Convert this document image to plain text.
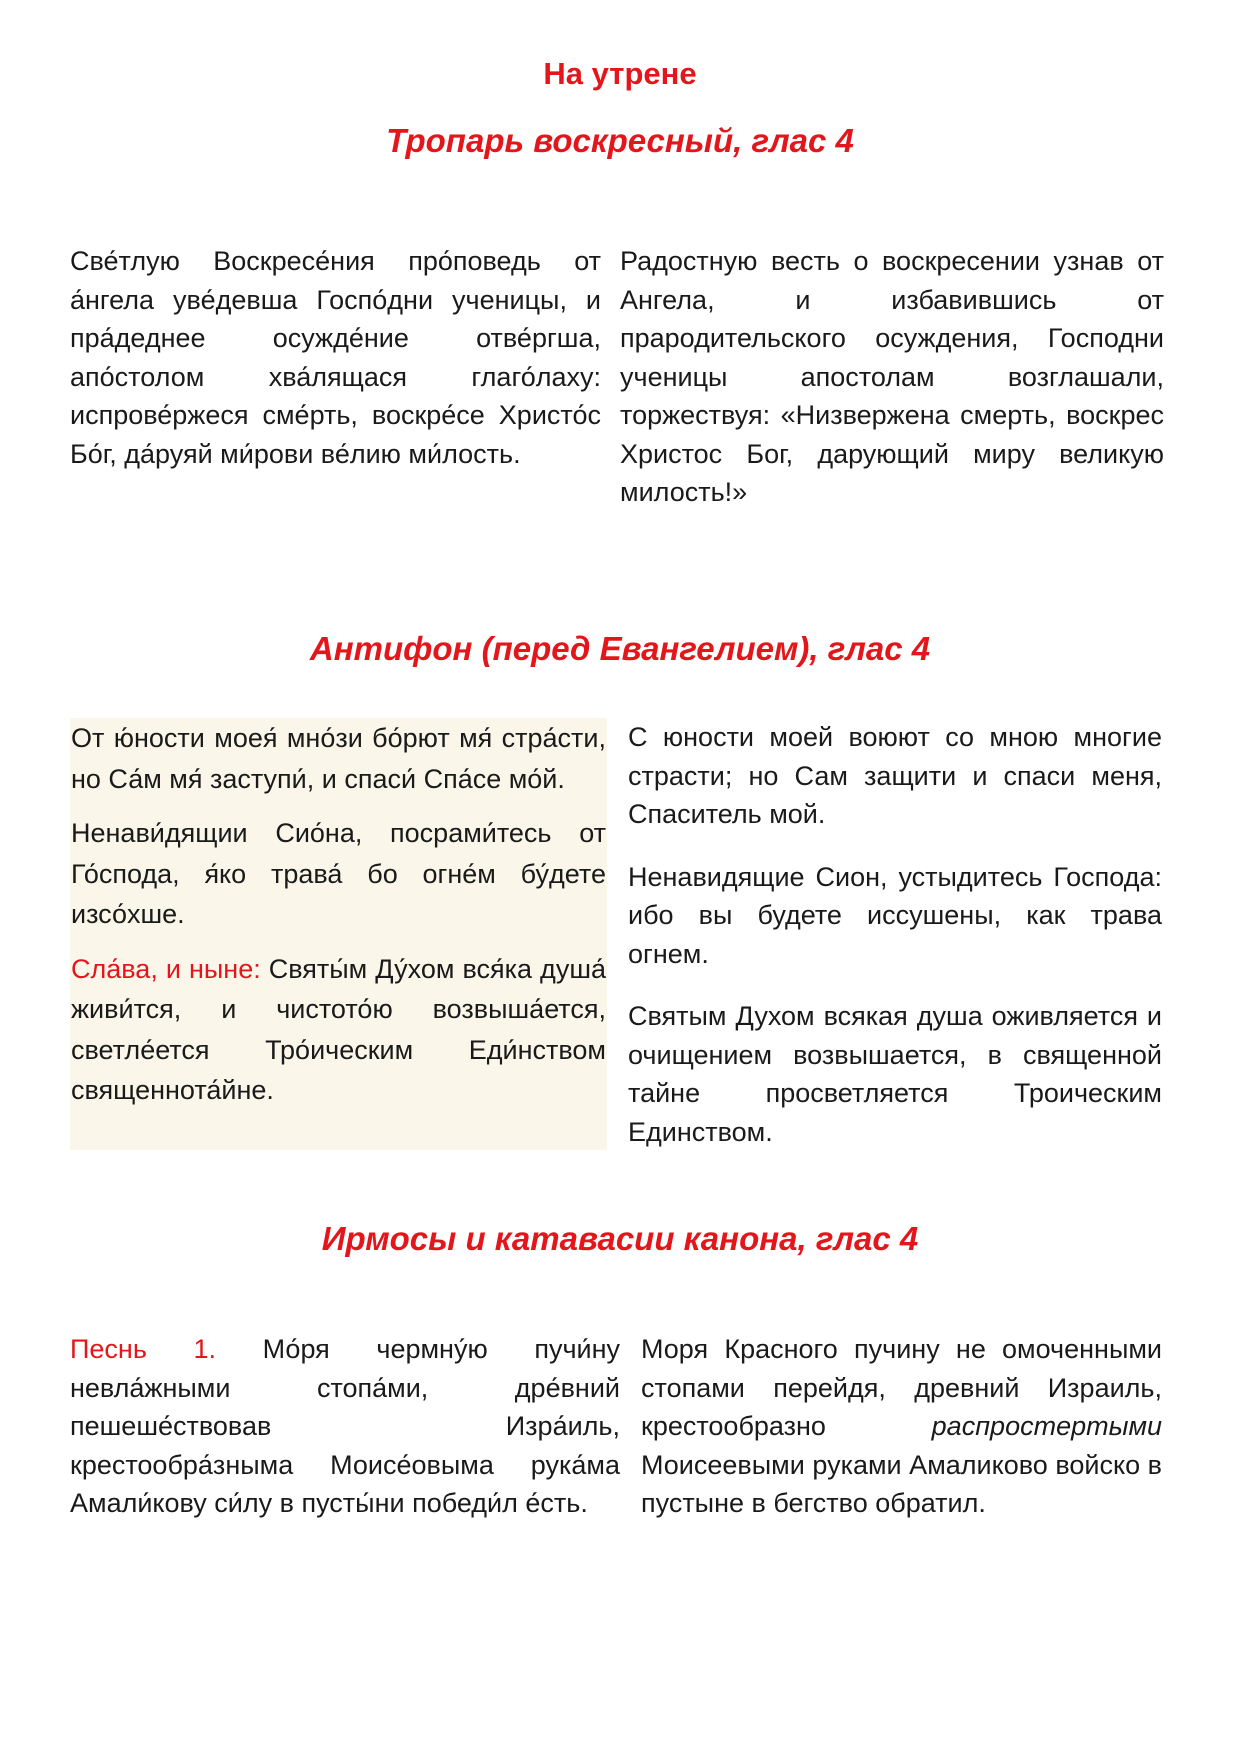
На утрене
Тропарь воскресный, глас 4

Све́тлую Воскресе́ния про́поведь от а́нгела уве́девша Госпо́дни ученицы, и пра́деднее осужде́ние отве́ргша, апо́столом хва́лящася глаго́лаху: испрове́ржеся сме́рть, воскре́се Христо́с Бо́г, да́руяй ми́рови ве́лию ми́лость.

Радостную весть о воскресении узнав от Ангела, и избавившись от прародительского осуждения, Господни ученицы апостолам возглашали, торжествуя: «Низвержена смерть, воскрес Христос Бог, дарующий миру великую милость!»

Антифон (перед Евангелием), глас 4

От ю́ности моея́ мно́зи бо́рют мя́ стра́сти, но Са́м мя́ заступи́, и спаси́ Спа́се мо́й.

Ненави́дящии Сио́на, посрами́тесь от Го́спода, я́ко трава́ бо огне́м бу́дете изсо́хше.

Сла́ва, и ныне: Святы́м Ду́хом вся́ка душа́ живи́тся, и чистото́ю возвыша́ется, светле́ется Тро́ическим Еди́нством священнота́йне.

С юности моей воюют со мною многие страсти; но Сам защити и спаси меня, Спаситель мой.

Ненавидящие Сион, устыдитесь Господа: ибо вы будете иссушены, как трава огнем.

Святым Духом всякая душа оживляется и очищением возвышается, в священной тайне просветляется Троическим Единством.

Ирмосы и катавасии канона, глас 4

Песнь 1. Мо́ря чермну́ю пучи́ну невла́жными стопа́ми, дре́вний пешеше́ствовав Изра́иль, крестообра́зныма Моисе́овыма рука́ма Амали́кову си́лу в пусты́ни победи́л е́сть.

Моря Красного пучину не омоченными стопами перейдя, древний Израиль, крестообразно распростертыми Моисеевыми руками Амаликово войско в пустыне в бегство обратил.
